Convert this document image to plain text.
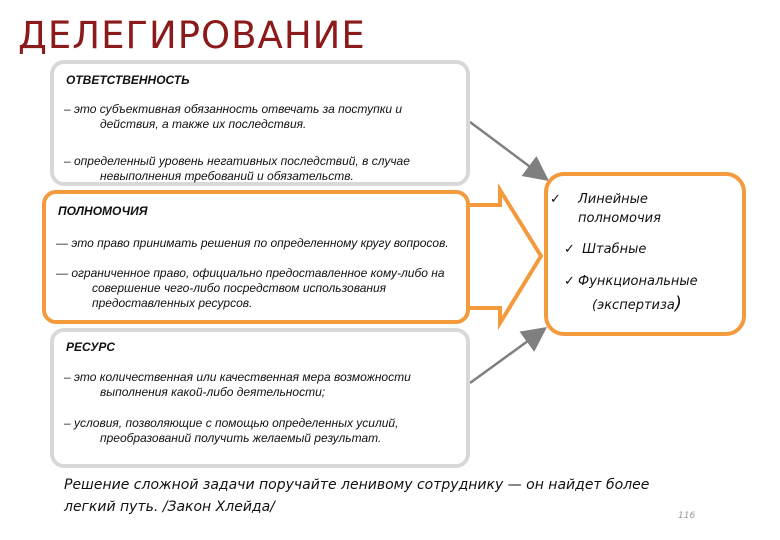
ДЕЛЕГИРОВАНИЕ
ОТВЕТСТВЕННОСТЬ
– это субъективная обязанность отвечать за поступки и действия, а также их последствия.
– определенный уровень негативных последствий, в случае невыполнения требований и обязательств.
ПОЛНОМОЧИЯ
— это право принимать решения по определенному кругу вопросов.
— ограниченное право, официально предоставленное кому-либо на совершение чего-либо посредством использования предоставленных ресурсов.
РЕСУРС
– это количественная или качественная мера возможности выполнения какой-либо деятельности;
– условия, позволяющие с помощью определенных усилий, преобразований получить желаемый результат.
✓ Линейные полномочия
✓ Штабные
✓ Функциональные
(экспертиза)
Решение сложной задачи поручайте ленивому сотруднику — он найдет более легкий путь. /Закон Хлейда/
116
